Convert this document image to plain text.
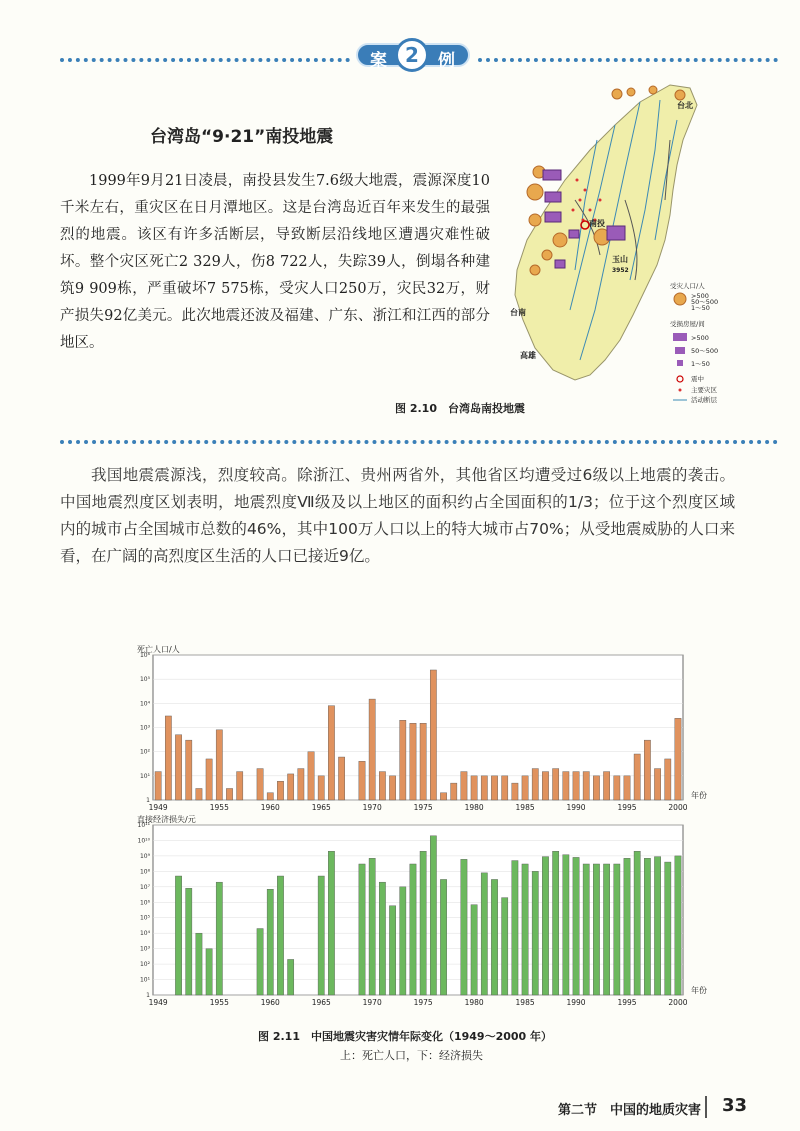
案 2	例
台湾岛“9·21”南投地震
1999年9月21日凌晨，南投县发生7.6级大地震，震源深度10千米左右，重灾区在日月潭地区。这是台湾岛近百年来发生的最强烈的地震。该区有许多活断层，导致断层沿线地区遭遇灾难性破坏。整个灾区死亡2 329人，伤8 722人，失踪39人，倒塌各种建筑9 909栋，严重破坏7 575栋，受灾人口250万，灾民32万，财产损失92亿美元。此次地震还波及福建、广东、浙江和江西的部分地区。
台北
南投
玉山
3952
台南
高雄
受灾人口/人
>500
50～500
1～50
受损房屋/间
>500
50～500
1～50
震中
主要灾区
活动断层
图 2.10　台湾岛南投地震
我国地震震源浅，烈度较高。除浙江、贵州两省外，其他省区均遭受过6级以上地震的袭击。中国地震烈度区划表明，地震烈度Ⅶ级及以上地区的面积约占全国面积的1/3；位于这个烈度区域内的城市占全国城市总数的46%，其中100万人口以上的特大城市占70%；从受地震威胁的人口来看，在广阔的高烈度区生活的人口已接近9亿。
1
10¹
10²
10³
10⁴
10⁵
10⁶
死亡人口/人
1949	1955	1960	1965	1970	1975	1980	1985	1990	1995	2000
年份
1
10¹
10²
10³
10⁴
10⁵
10⁶
10⁷
10⁸
10⁹
10¹⁰
10¹¹
直接经济损失/元
1949	1955	1960	1965	1970	1975	1980	1985	1990	1995	2000
年份
图 2.11　中国地震灾害灾情年际变化（1949～2000 年）
上：死亡人口，下：经济损失
第二节　中国的地质灾害 33
